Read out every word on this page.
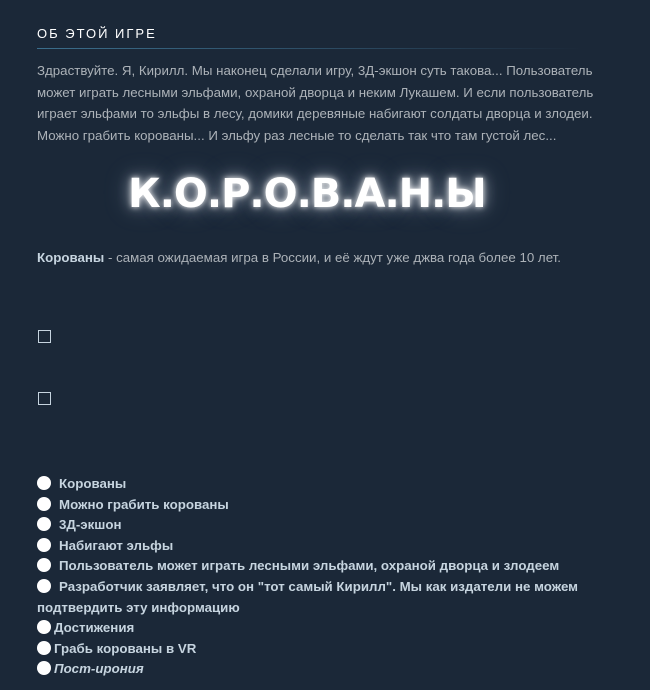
ОБ ЭТОЙ ИГРЕ

Здраствуйте. Я, Кирилл. Мы наконец сделали игру, 3Д-экшон суть такова... Пользователь может играть лесными эльфами, охраной дворца и неким Лукашем. И если пользователь играет эльфами то эльфы в лесу, домики деревяные набигают солдаты дворца и злодеи. Можно грабить корованы... И эльфу раз лесные то сделать так что там густой лес...

К.О.Р.О.В.А.Н.Ы

Корованы - самая ожидаемая игра в России, и её ждут уже джва года более 10 лет.

Корованы
Можно грабить корованы
3Д-экшон
Набигают эльфы
Пользователь может играть лесными эльфами, охраной дворца и злодеем
Разработчик заявляет, что он "тот самый Кирилл". Мы как издатели не можем подтвердить эту информацию
Достижения
Грабь корованы в VR
Пост-ирония
